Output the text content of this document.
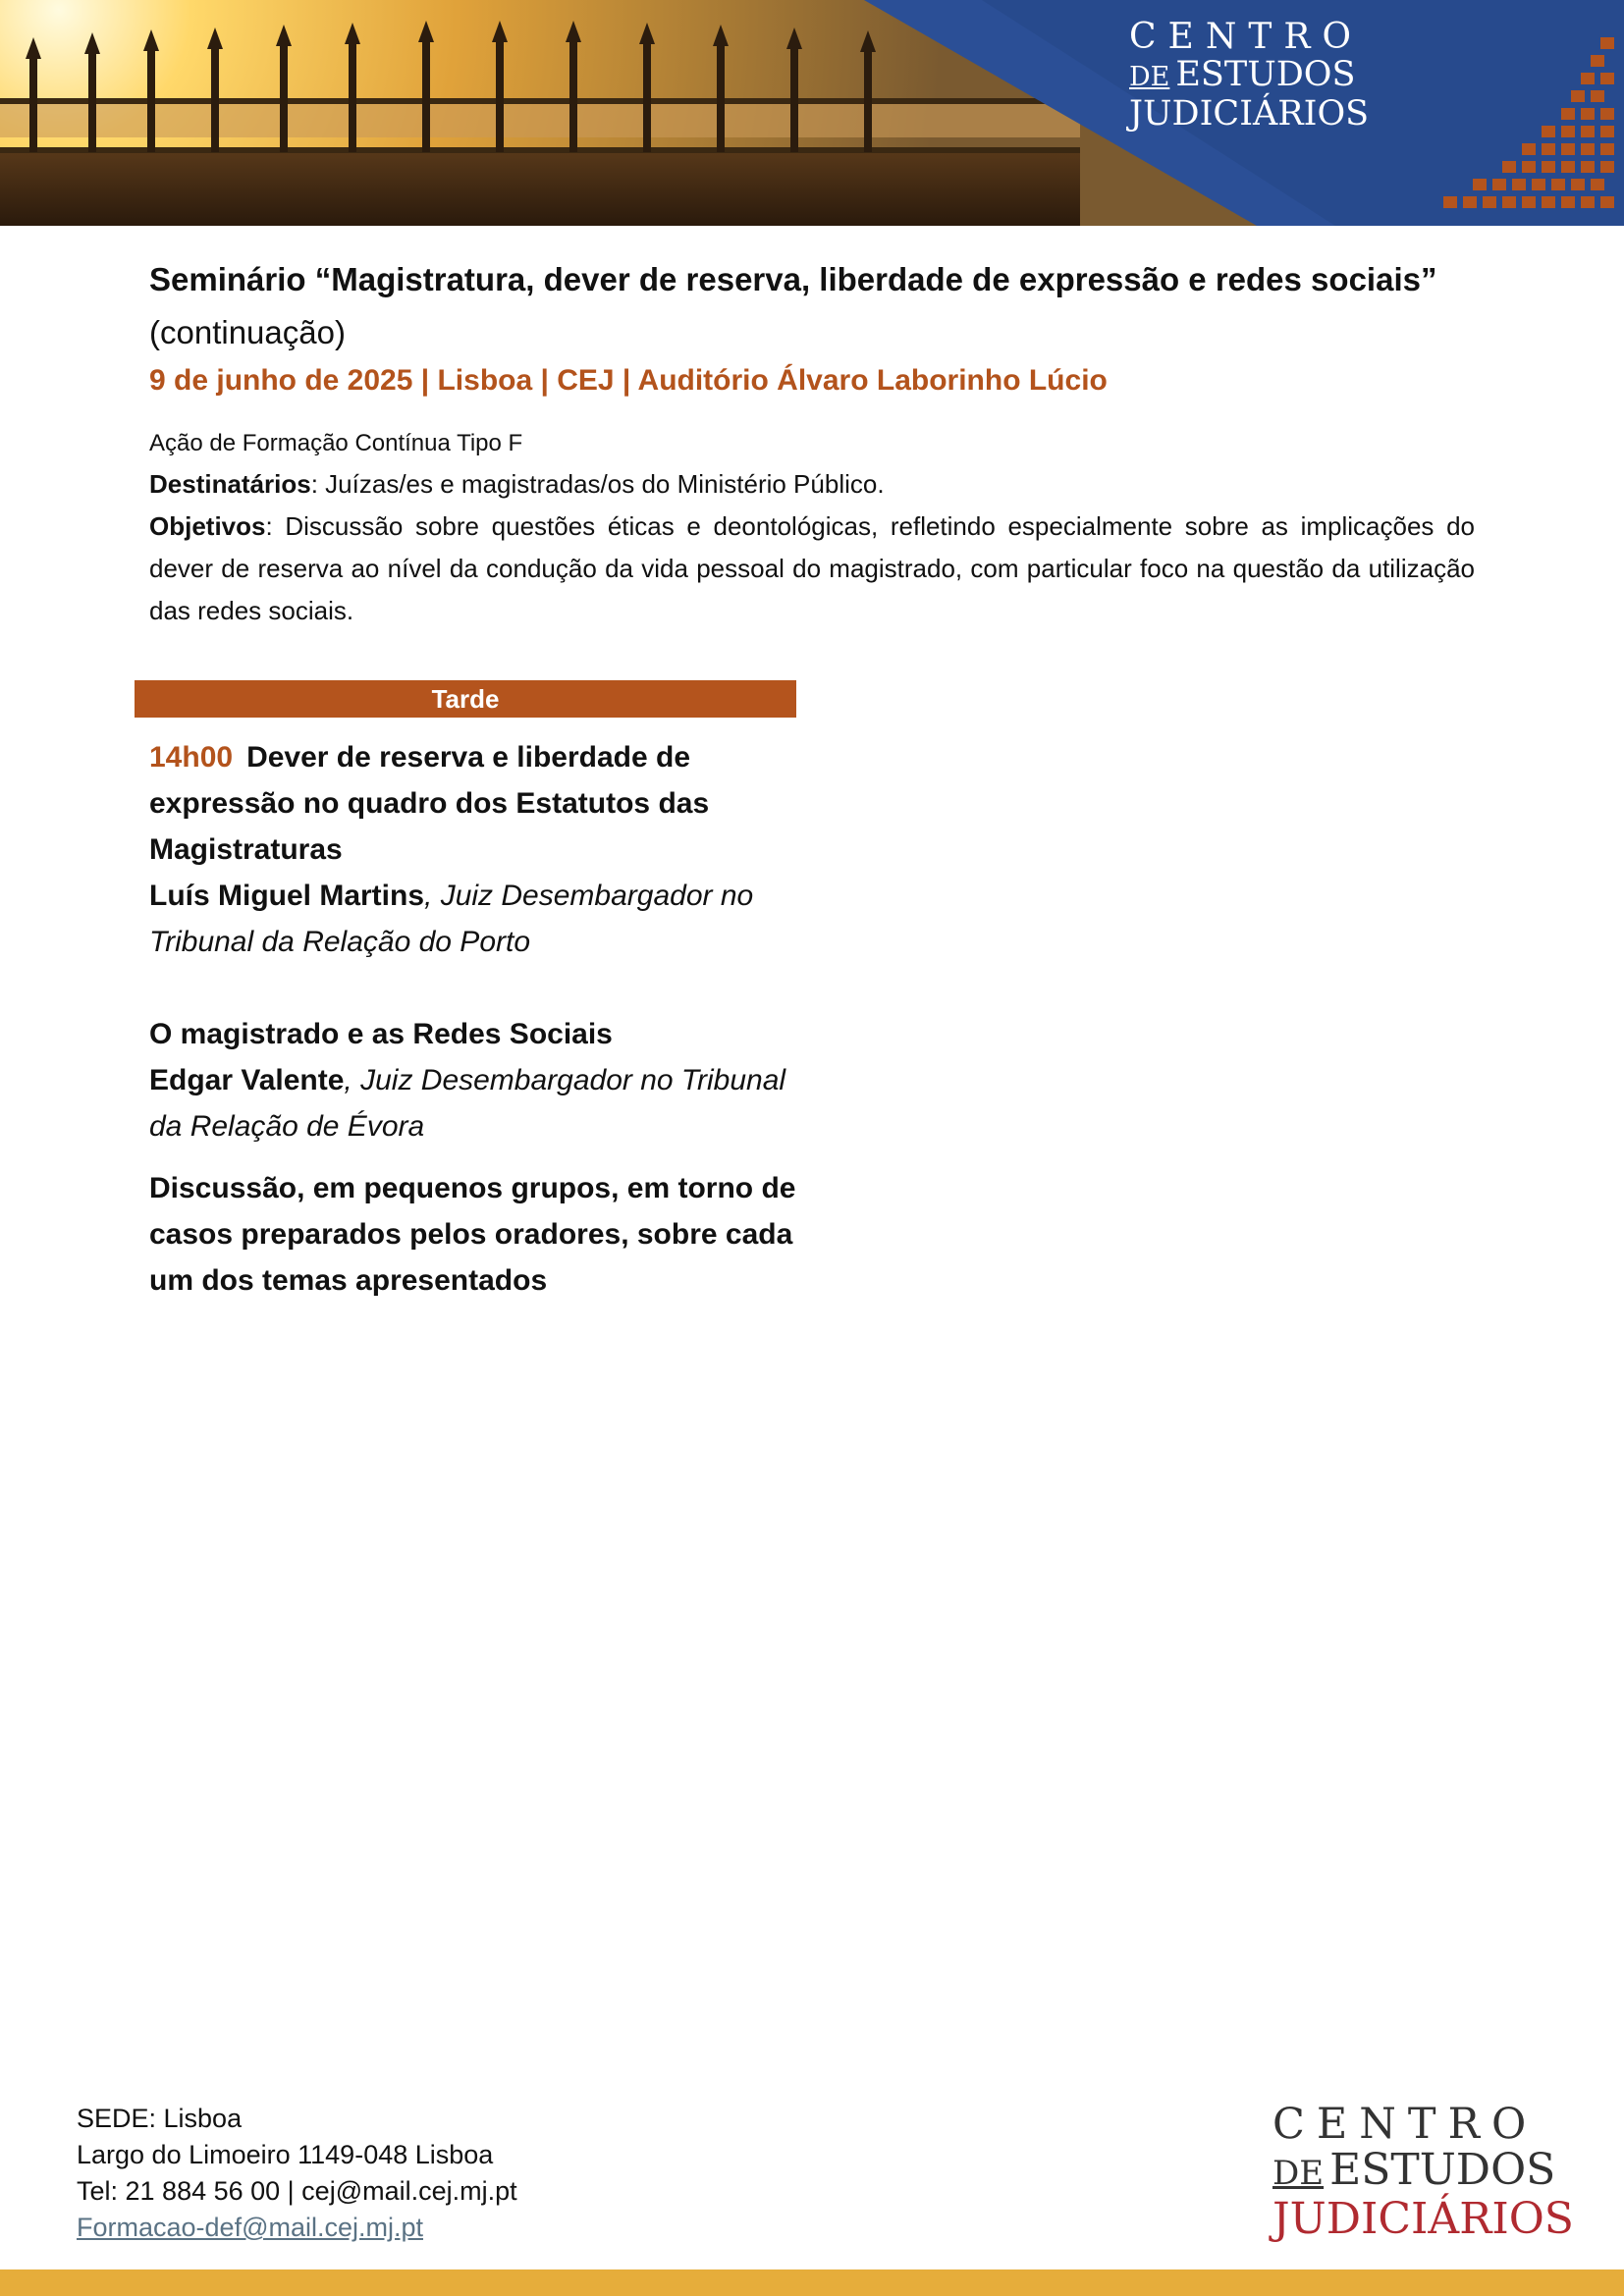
CENTRO
DE ESTUDOS
JUDICIÁRIOS

Seminário “Magistratura, dever de reserva, liberdade de expressão e redes sociais” (continuação)

9 de junho de 2025 | Lisboa | CEJ | Auditório Álvaro Laborinho Lúcio

Ação de Formação Contínua Tipo F

Destinatários: Juízas/es e magistradas/os do Ministério Público.

Objetivos: Discussão sobre questões éticas e deontológicas, refletindo especialmente sobre as implicações do dever de reserva ao nível da condução da vida pessoal do magistrado, com particular foco na questão da utilização das redes sociais.

Tarde

14h00 Dever de reserva e liberdade de expressão no quadro dos Estatutos das Magistraturas
Luís Miguel Martins, Juiz Desembargador no Tribunal da Relação do Porto

O magistrado e as Redes Sociais
Edgar Valente, Juiz Desembargador no Tribunal da Relação de Évora

Discussão, em pequenos grupos, em torno de casos preparados pelos oradores, sobre cada um dos temas apresentados

SEDE: Lisboa
Largo do Limoeiro 1149-048 Lisboa
Tel: 21 884 56 00 | cej@mail.cej.mj.pt
Formacao-def@mail.cej.mj.pt
CENTRO
DE ESTUDOS
JUDICIÁRIOS
